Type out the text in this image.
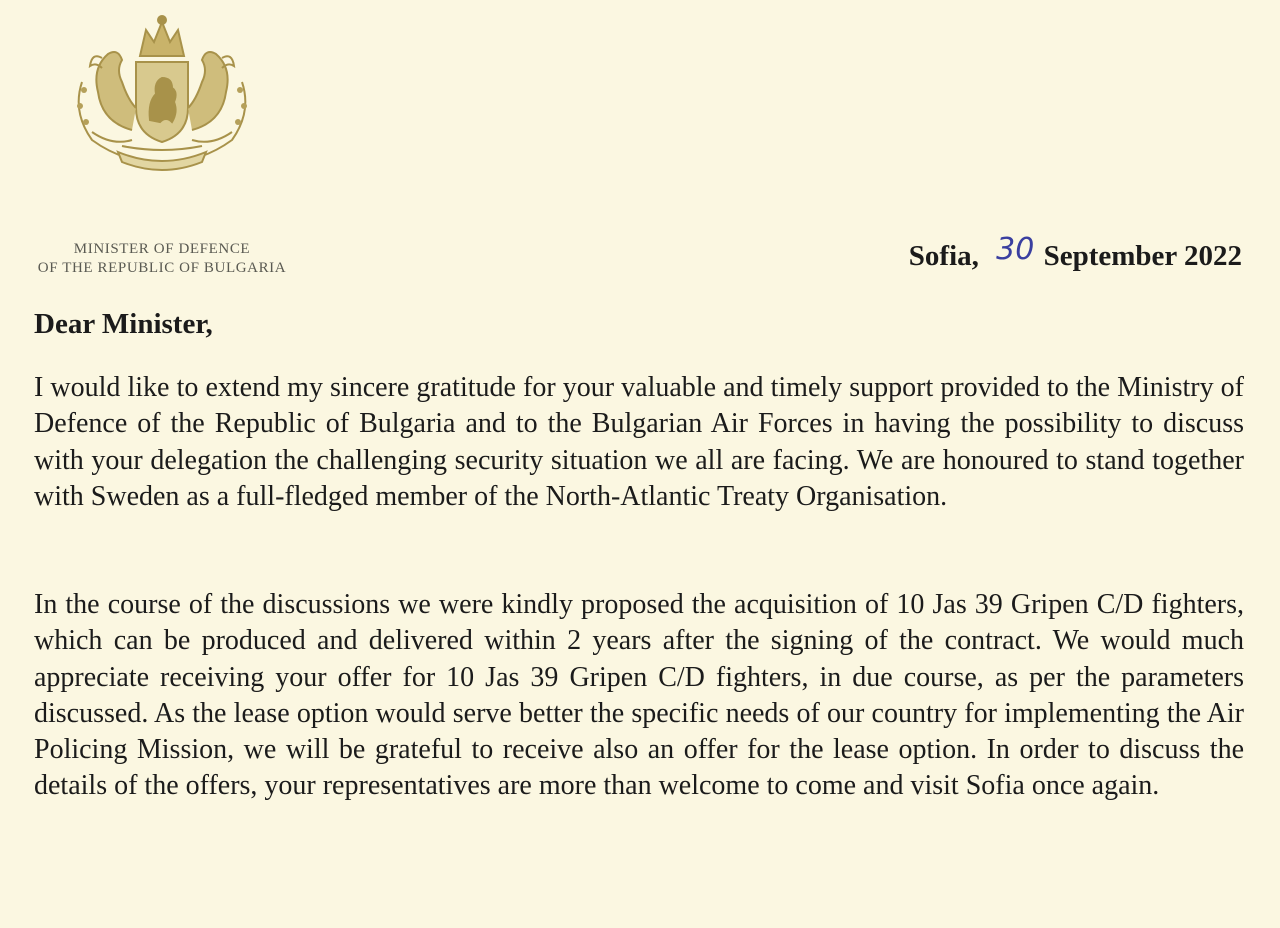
MINISTER OF DEFENCE
OF THE REPUBLIC OF BULGARIA	Sofia, 30 September 2022

Dear Minister,

I would like to extend my sincere gratitude for your valuable and timely support provided to the Ministry of Defence of the Republic of Bulgaria and to the Bulgarian Air Forces in having the possibility to discuss with your delegation the challenging security situation we all are facing. We are honoured to stand together with Sweden as a full-fledged member of the North-Atlantic Treaty Organisation.

In the course of the discussions we were kindly proposed the acquisition of 10 Jas 39 Gripen C/D fighters, which can be produced and delivered within 2 years after the signing of the contract. We would much appreciate receiving your offer for 10 Jas 39 Gripen C/D fighters, in due course, as per the parameters discussed. As the lease option would serve better the specific needs of our country for implementing the Air Policing Mission, we will be grateful to receive also an offer for the lease option. In order to discuss the details of the offers, your representatives are more than welcome to come and visit Sofia once again.
